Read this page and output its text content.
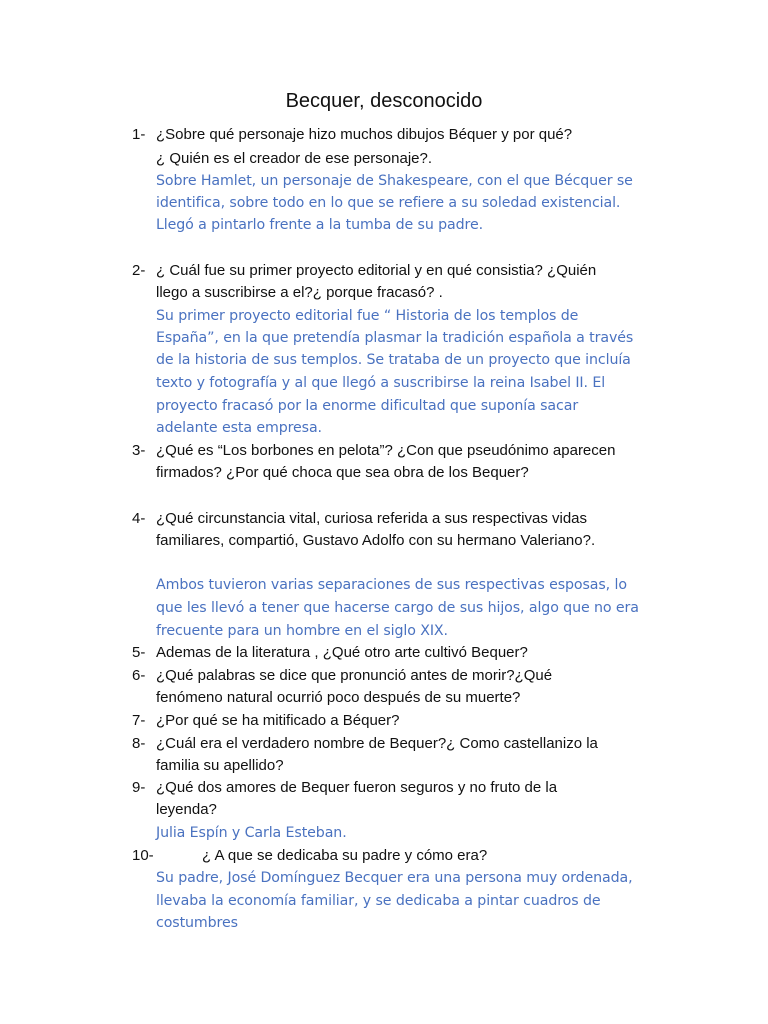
Becquer, desconocido
1- ¿Sobre qué personaje hizo muchos dibujos Béquer y por qué?
¿ Quién es el creador de ese personaje?.
Sobre Hamlet, un personaje de Shakespeare, con el que Bécquer se
identifica, sobre todo en lo que se refiere a su soledad existencial.
Llegó a pintarlo frente a la tumba de su padre.
2- ¿ Cuál fue su primer proyecto editorial y en qué consistia? ¿Quién
llego a suscribirse a el?¿ porque fracasó? .
Su primer proyecto editorial fue “ Historia de los templos de
España”, en la que pretendía plasmar la tradición española a través
de la historia de sus templos. Se trataba de un proyecto que incluía
texto y fotografía y al que llegó a suscribirse la reina Isabel II. El
proyecto fracasó por la enorme dificultad que suponía sacar
adelante esta empresa.
3- ¿Qué es “Los borbones en pelota”? ¿Con que pseudónimo aparecen
firmados? ¿Por qué choca que sea obra de los Bequer?
4- ¿Qué circunstancia vital, curiosa referida a sus respectivas vidas
familiares, compartió, Gustavo Adolfo con su hermano Valeriano?.
Ambos tuvieron varias separaciones de sus respectivas esposas, lo
que les llevó a tener que hacerse cargo de sus hijos, algo que no era
frecuente para un hombre en el siglo XIX.
5- Ademas de la literatura , ¿Qué otro arte cultivó Bequer?
6- ¿Qué palabras se dice que pronunció antes de morir?¿Qué
fenómeno natural ocurrió poco después de su muerte?
7- ¿Por qué se ha mitificado a Béquer?
8- ¿Cuál era el verdadero nombre de Bequer?¿ Como castellanizo la
familia su apellido?
9- ¿Qué dos amores de Bequer fueron seguros y no fruto de la
leyenda?
Julia Espín y Carla Esteban.
10-	¿ A que se dedicaba su padre y cómo era?
Su padre, José Domínguez Becquer era una persona muy ordenada,
llevaba la economía familiar, y se dedicaba a pintar cuadros de
costumbres
